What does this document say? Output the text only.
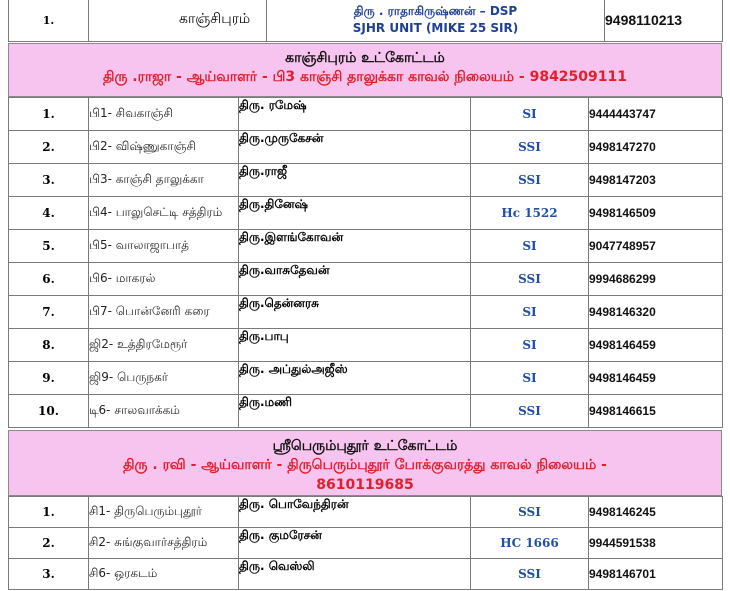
1.	காஞ்சிபுரம்	திரு . ராதாகிருஷ்ணன் – DSP
SJHR UNIT (MIKE 25 SIR)	9498110213
காஞ்சிபுரம் உட்கோட்டம்
திரு .ராஜா - ஆய்வாளர் - பி3 காஞ்சி தாலுக்கா காவல் நிலையம் - 9842509111
1.	பி1- சிவகாஞ்சி	திரு. ரமேஷ்	SI	9444443747
2.	பி2- விஷ்ணுகாஞ்சி	திரு.முருகேசன்	SSI	9498147270
3.	பி3- காஞ்சி தாலுக்கா	திரு.ராஜீ	SSI	9498147203
4.	பி4- பாலுசெட்டி சத்திரம்	திரு.தினேஷ்	Hc 1522	9498146509
5.	பி5- வாலாஜாபாத்	திரு.இளங்கோவன்	SI	9047748957
6.	பி6- மாகரல்	திரு.வாசுதேவன்	SSI	9994686299
7.	பி7- பொன்னேரி கரை	திரு.தென்னரசு	SI	9498146320
8.	ஜி2- உத்திரமேரூர்	திரு.பாபு	SI	9498146459
9.	ஜி9- பெருநகர்	திரு. அப்துல்அஜீஸ்	SI	9498146459
10.	டி6- சாலவாக்கம்	திரு.மணி	SSI	9498146615
ஸ்ரீபெரும்புதூர் உட்கோட்டம்
திரு . ரவி - ஆய்வாளர் - திருபெரும்புதூர் போக்குவரத்து காவல் நிலையம் -
8610119685
1.	சி1- திருபெரும்புதூர்	திரு. பொவேந்திரன்	SSI	9498146245
2.	சி2- சுங்குவார்சத்திரம்	திரு. குமரேசன்	HC 1666	9944591538
3.	சி6- ஒரகடம்	திரு. வெஸ்லி	SSI	9498146701
